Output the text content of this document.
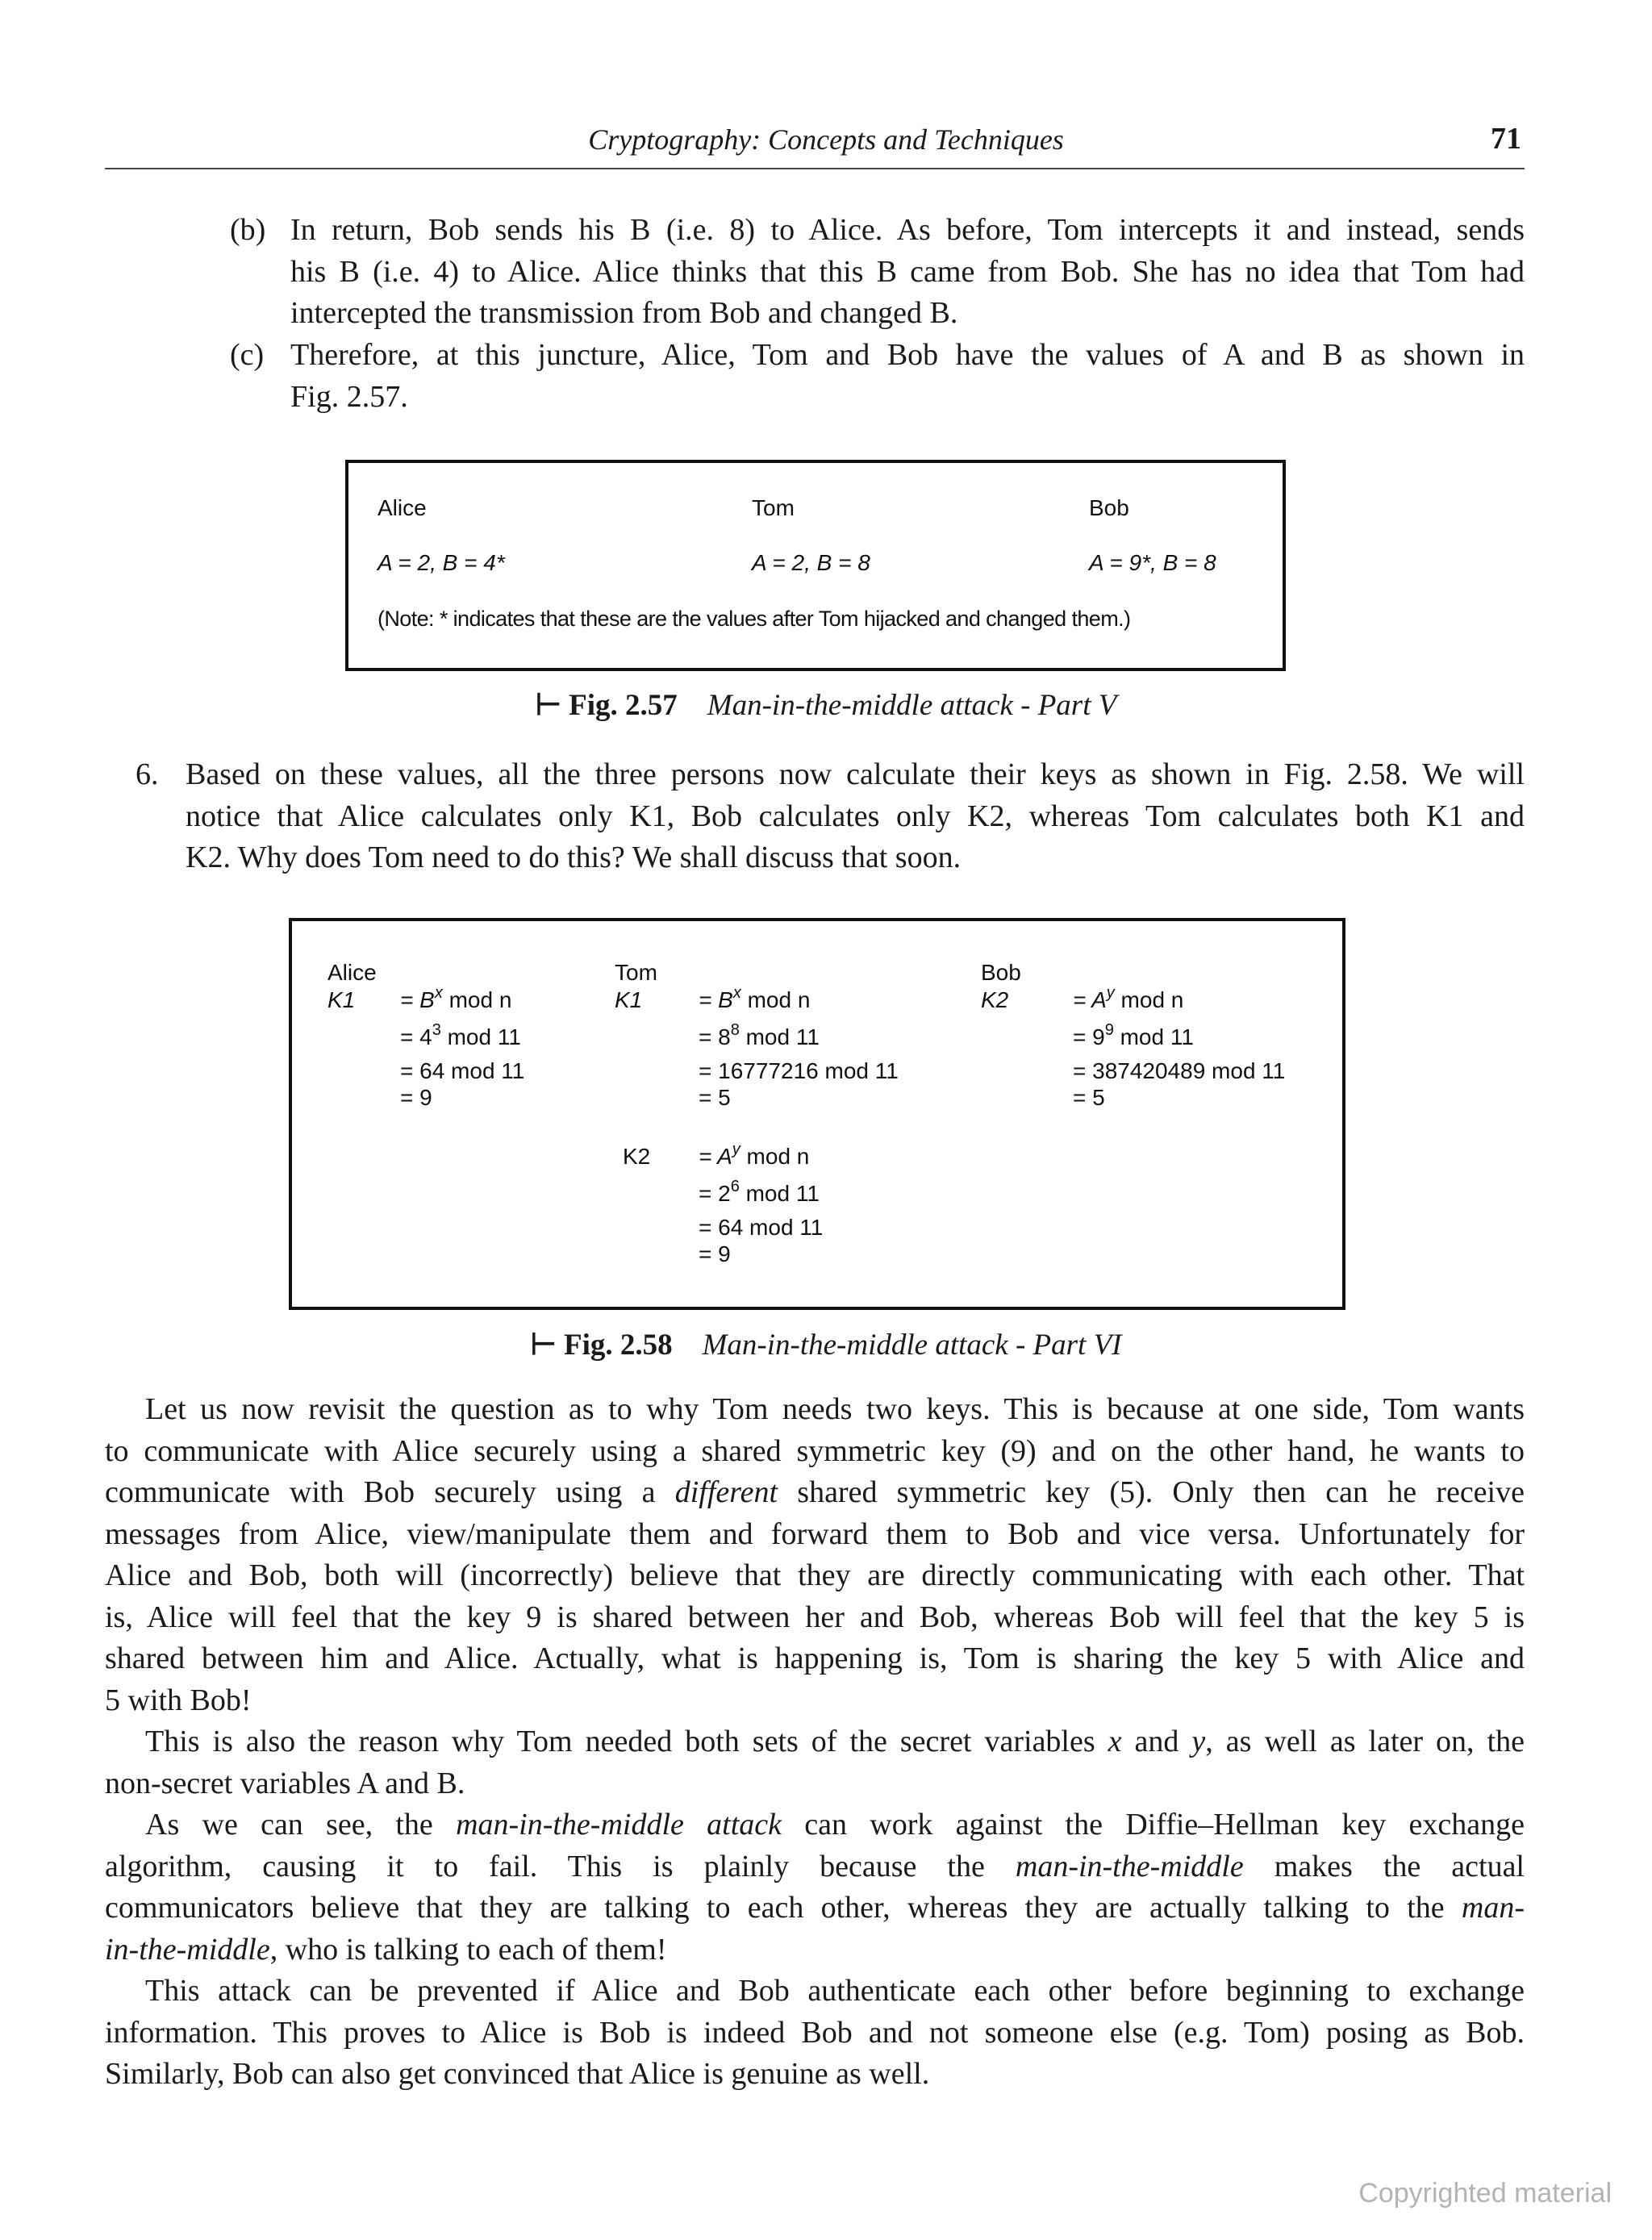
Cryptography: Concepts and Techniques	71
(b) In return, Bob sends his B (i.e. 8) to Alice. As before, Tom intercepts it and instead, sends
his B (i.e. 4) to Alice. Alice thinks that this B came from Bob. She has no idea that Tom had
intercepted the transmission from Bob and changed B.
(c) Therefore, at this juncture, Alice, Tom and Bob have the values of A and B as shown in
Fig. 2.57.
Alice	Tom	Bob
A = 2, B = 4*	A = 2, B = 8	A = 9*, B = 8
(Note: * indicates that these are the values after Tom hijacked and changed them.)
⊢ Fig. 2.57 Man-in-the-middle attack - Part V
6. Based on these values, all the three persons now calculate their keys as shown in Fig. 2.58. We will
notice that Alice calculates only K1, Bob calculates only K2, whereas Tom calculates both K1 and
K2. Why does Tom need to do this? We shall discuss that soon.
Alice
$K1 = B^x$ mod n
= $4^3$ mod 11
= 64 mod 11
= 9
Tom
$K1 = B^x$ mod n
= $8^8$ mod 11
= 16777216 mod 11
= 5
$K2 = A^y$ mod n
= $2^6$ mod 11
= 64 mod 11
= 9
Bob
K2	= $A^y$ mod n
= $9^9$ mod 11
= 387420489 mod 11
= 5
⊢ Fig. 2.58 Man-in-the-middle attack - Part VI
Let us now revisit the question as to why Tom needs two keys. This is because at one side, Tom wants
to communicate with Alice securely using a shared symmetric key (9) and on the other hand, he wants to
communicate with Bob securely using a different shared symmetric key (5). Only then can he receive
messages from Alice, view/manipulate them and forward them to Bob and vice versa. Unfortunately for
Alice and Bob, both will (incorrectly) believe that they are directly communicating with each other. That
is, Alice will feel that the key 9 is shared between her and Bob, whereas Bob will feel that the key 5 is
shared between him and Alice. Actually, what is happening is, Tom is sharing the key 5 with Alice and
5 with Bob!
This is also the reason why Tom needed both sets of the secret variables x and y, as well as later on, the
non-secret variables A and B.
As we can see, the man-in-the-middle attack can work against the Diffie–Hellman key exchange
algorithm, causing it to fail. This is plainly because the man-in-the-middle makes the actual
communicators believe that they are talking to each other, whereas they are actually talking to the man-
in-the-middle, who is talking to each of them!
This attack can be prevented if Alice and Bob authenticate each other before beginning to exchange
information. This proves to Alice is Bob is indeed Bob and not someone else (e.g. Tom) posing as Bob.
Similarly, Bob can also get convinced that Alice is genuine as well.
Copyrighted material
